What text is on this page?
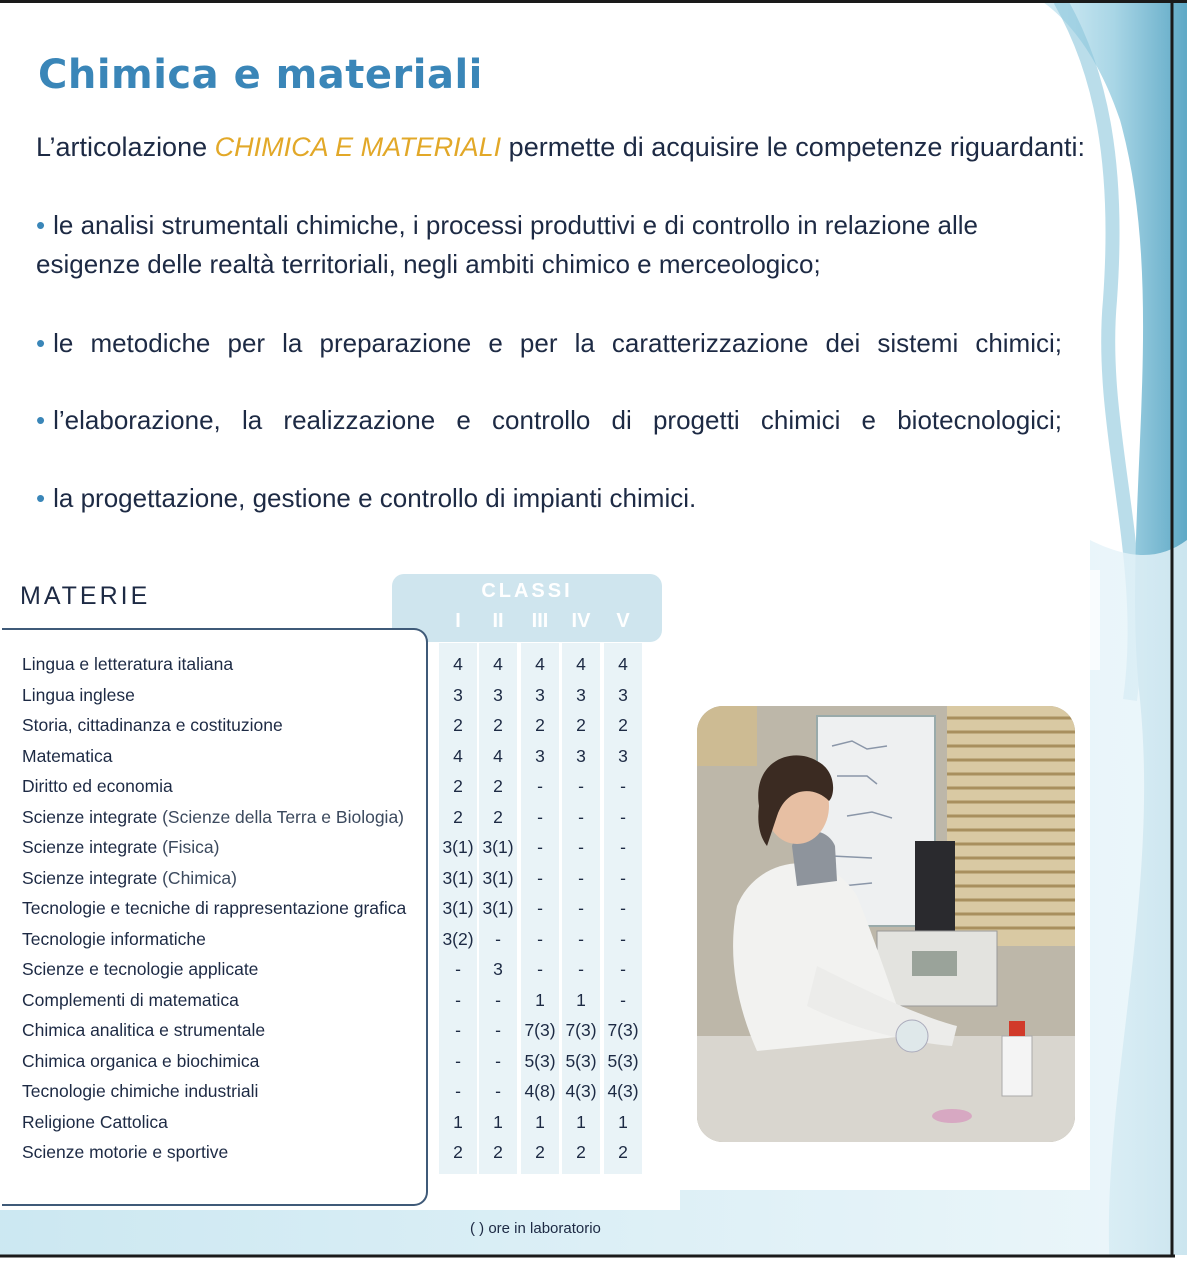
Chimica e materiali
L’articolazione CHIMICA E MATERIALI permette di acquisire le competenze riguardanti:
• le analisi strumentali chimiche, i processi produttivi e di controllo in relazione alle esigenze delle realtà territoriali, negli ambiti chimico e merceologico;
• le metodiche per la preparazione e per la caratterizzazione dei sistemi chimici;
• l’elaborazione, la realizzazione e controllo di progetti chimici e biotecnologici;
• la progettazione, gestione e controllo di impianti chimici.
MATERIE	CLASSI
I	II	III	IV	V
Lingua e letteratura italiana	4	4	4	4	4
Lingua inglese	3	3	3	3	3
Storia, cittadinanza e costituzione	2	2	2	2	2
Matematica	4	4	3	3	3
Diritto ed economia	2	2	-	-	-
Scienze integrate (Scienze della Terra e Biologia)	2	2	-	-	-
Scienze integrate (Fisica)	3(1) 3(1)	-	-	-
Scienze integrate (Chimica)	3(1) 3(1)	-	-	-
Tecnologie e tecniche di rappresentazione grafica 3(1) 3(1)	-	-	-
Tecnologie informatiche	3(2)	-	-	-	-
Scienze e tecnologie applicate	-	3	-	-	-
Complementi di matematica	-	-	1	1	-
Chimica analitica e strumentale	-	-	7(3) 7(3) 7(3)
Chimica organica e biochimica	-	-	5(3) 5(3) 5(3)
Tecnologie chimiche industriali	-	-	4(8) 4(3) 4(3)
Religione Cattolica	1	1	1	1	1
Scienze motorie e sportive	2	2	2	2	2
( ) ore in laboratorio
